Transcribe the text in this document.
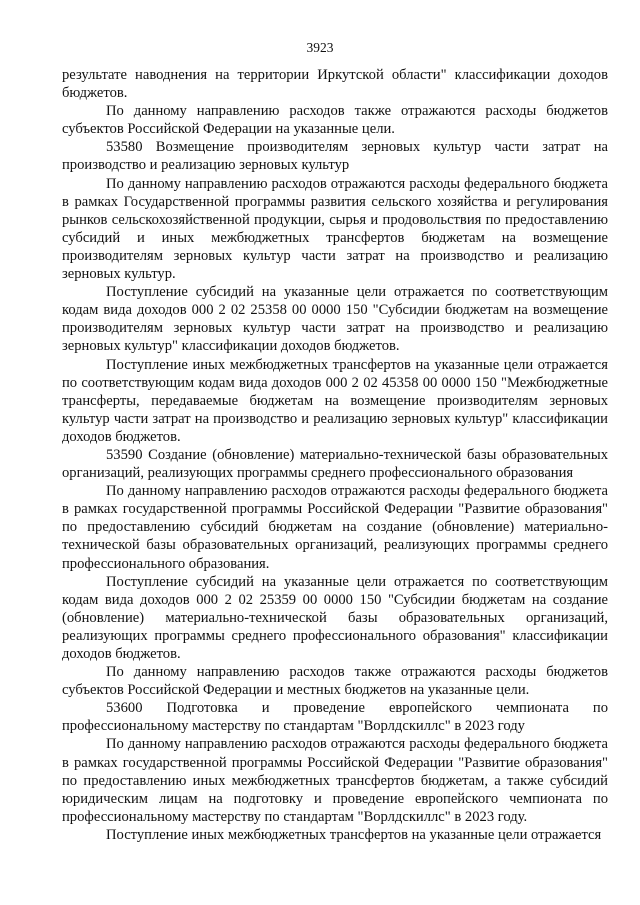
3923

результате наводнения на территории Иркутской области" классификации доходов бюджетов.

По данному направлению расходов также отражаются расходы бюджетов субъектов Российской Федерации на указанные цели.

53580 Возмещение производителям зерновых культур части затрат на производство и реализацию зерновых культур

По данному направлению расходов отражаются расходы федерального бюджета в рамках Государственной программы развития сельского хозяйства и регулирования рынков сельскохозяйственной продукции, сырья и продовольствия по предоставлению субсидий и иных межбюджетных трансфертов бюджетам на возмещение производителям зерновых культур части затрат на производство и реализацию зерновых культур.

Поступление субсидий на указанные цели отражается по соответствующим кодам вида доходов 000 2 02 25358 00 0000 150 "Субсидии бюджетам на возмещение производителям зерновых культур части затрат на производство и реализацию зерновых культур" классификации доходов бюджетов.

Поступление иных межбюджетных трансфертов на указанные цели отражается по соответствующим кодам вида доходов 000 2 02 45358 00 0000 150 "Межбюджетные трансферты, передаваемые бюджетам на возмещение производителям зерновых культур части затрат на производство и реализацию зерновых культур" классификации доходов бюджетов.

53590 Создание (обновление) материально-технической базы образовательных организаций, реализующих программы среднего профессионального образования

По данному направлению расходов отражаются расходы федерального бюджета в рамках государственной программы Российской Федерации "Развитие образования" по предоставлению субсидий бюджетам на создание (обновление) материально-технической базы образовательных организаций, реализующих программы среднего профессионального образования.

Поступление субсидий на указанные цели отражается по соответствующим кодам вида доходов 000 2 02 25359 00 0000 150 "Субсидии бюджетам на создание (обновление) материально-технической базы образовательных организаций, реализующих программы среднего профессионального образования" классификации доходов бюджетов.

По данному направлению расходов также отражаются расходы бюджетов субъектов Российской Федерации и местных бюджетов на указанные цели.

53600 Подготовка и проведение европейского чемпионата по профессиональному мастерству по стандартам "Ворлдскиллс" в 2023 году

По данному направлению расходов отражаются расходы федерального бюджета в рамках государственной программы Российской Федерации "Развитие образования" по предоставлению иных межбюджетных трансфертов бюджетам, а также субсидий юридическим лицам на подготовку и проведение европейского чемпионата по профессиональному мастерству по стандартам "Ворлдскиллс" в 2023 году.

Поступление иных межбюджетных трансфертов на указанные цели отражается
